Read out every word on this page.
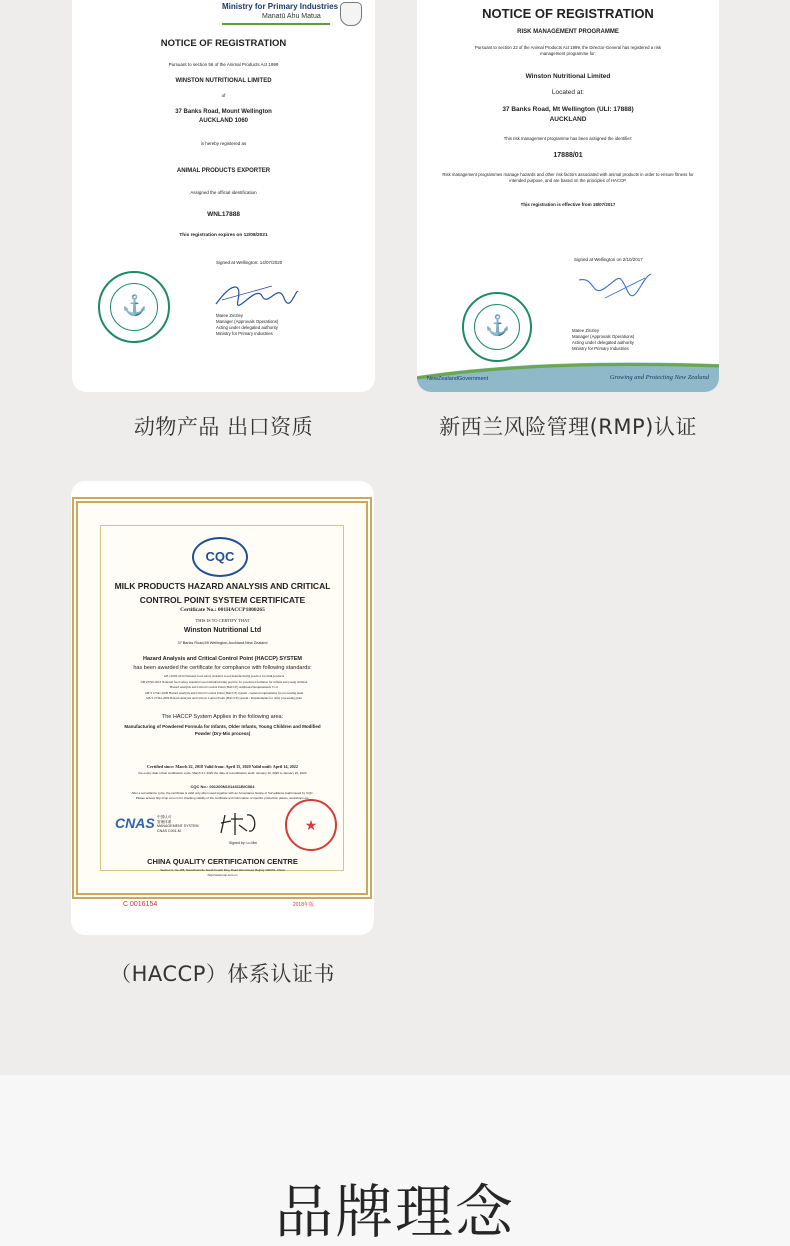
Ministry for Primary Industries
Manatū Ahu Matua
NOTICE OF REGISTRATION
Pursuant to section 56 of the Animal Products Act 1999
WINSTON NUTRITIONAL LIMITED
of
37 Banks Road, Mount Wellington
AUCKLAND 1060
is hereby registered as
ANIMAL PRODUCTS EXPORTER
Assigned the official identification
WNL17888
This registration expires on 12/08/2021
Signed at Wellington: 14/07/2020
⚓	Maree Zinzley
Manager (Approvals Operations)
Acting under delegated authority
Ministry for Primary Industries
动物产品 出口资质
NOTICE OF REGISTRATION
RISK MANAGEMENT PROGRAMME
Pursuant to section 22 of the Animal Products Act 1999, the Director-General has registered a risk management programme for:
Winston Nutritional Limited
Located at:
37 Banks Road, Mt Wellington (ULI: 17888)
AUCKLAND
This risk management programme has been assigned the identifier:
17888/01
Risk management programmes manage hazards and other risk factors associated with animal products in order to ensure fitness for intended purpose, and are based on the principles of HACCP.
This registration is effective from 18/07/2017
Signed at Wellington on 2/10/2017
⚓	Maree Zinzley
Manager (Approvals Operations)
Acting under delegated authority
Ministry for Primary Industries
NewZealandGovernment	Growing and Protecting New Zealand
新西兰风险管理(RMP)认证
CQC
MILK PRODUCTS HAZARD ANALYSIS AND CRITICAL
CONTROL POINT SYSTEM CERTIFICATE
Certificate No.: 001HACCP1800265
THIS IS TO CERTIFY THAT
Winston Nutritional Ltd
37 Banks Road,Mt Wellington,Auckland,New Zealand
Hazard Analysis and Critical Control Point (HACCP) SYSTEM
has been awarded the certificate for compliance with following standards:
GB 12693-2010 National food safety standard Good manufacturing practice for milk products
GB 23790-2010 National food safety standard Good manufacturing practice for powdered formulae for infants and young children
Hazard Analysis and Critical Control Point (HACCP) Additional Requirements V1.0
GB/T 27341-2009 Hazard Analysis and Critical Control Point (HACCP) system - General requirements for processing plant
GB/T 27342-2009 Hazard Analysis and Critical Control Point (HACCP) system - Requirements for dairy processing plant
The HACCP System Applies in the following area:
Manufacturing of Powdered Formula for Infants, Older Infants, Young Children and Modified
Powder (Dry-Mix process)
Certified since: March 22, 2018 Valid from: April 15, 2020 Valid until: April 14, 2022
the expiry date of last certification cycle: March 21, 2020 the date of recertification audit: January 10, 2020 to January 20, 2020
CQC No.: 001200N1014311B/C064
After a surveillance cycle, the certificate is valid only when used together with an Acceptance Notice of Surveillance Audit issued by CQC.
Please access http://cqc.com.cn for checking validity of the certificate and information of specific production places, workshops etc.
CNAS 中国认可
管理体系
MANAGEMENT SYSTEM
CNAS C001-M
Signed by: Lu Mei
★
CHINA QUALITY CERTIFICATION CENTRE
Section 9, No.188, Nansihuanxilu South Fourth Ring Road West Road, Beijing 100070, China
http://www.cqc.com.cn
C 0016154	2018年版
（HACCP）体系认证书
品牌理念
